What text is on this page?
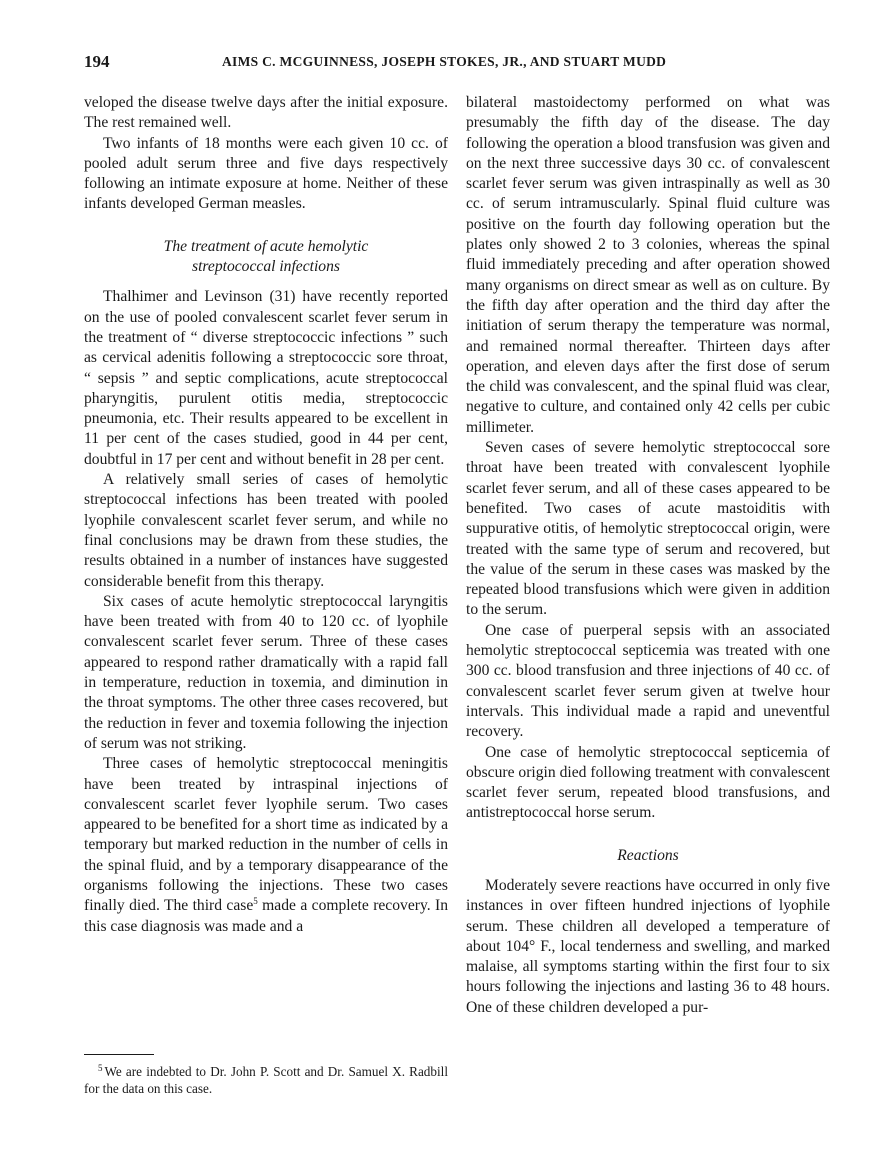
194	AIMS C. MCGUINNESS, JOSEPH STOKES, JR., AND STUART MUDD

veloped the disease twelve days after the initial exposure. The rest remained well.

Two infants of 18 months were each given 10 cc. of pooled adult serum three and five days respectively following an intimate exposure at home. Neither of these infants developed German measles.

The treatment of acute hemolytic
streptococcal infections

Thalhimer and Levinson (31) have recently reported on the use of pooled convalescent scarlet fever serum in the treatment of “ diverse streptococcic infections ” such as cervical adenitis following a streptococcic sore throat, “ sepsis ” and septic complications, acute streptococcal pharyngitis, purulent otitis media, streptococcic pneumonia, etc. Their results appeared to be excellent in 11 per cent of the cases studied, good in 44 per cent, doubtful in 17 per cent and without benefit in 28 per cent.

A relatively small series of cases of hemolytic streptococcal infections has been treated with pooled lyophile convalescent scarlet fever serum, and while no final conclusions may be drawn from these studies, the results obtained in a number of instances have suggested considerable benefit from this therapy.

Six cases of acute hemolytic streptococcal laryngitis have been treated with from 40 to 120 cc. of lyophile convalescent scarlet fever serum. Three of these cases appeared to respond rather dramatically with a rapid fall in temperature, reduction in toxemia, and diminution in the throat symptoms. The other three cases recovered, but the reduction in fever and toxemia following the injection of serum was not striking.

Three cases of hemolytic streptococcal meningitis have been treated by intraspinal injections of convalescent scarlet fever lyophile serum. Two cases appeared to be benefited for a short time as indicated by a temporary but marked reduction in the number of cells in the spinal fluid, and by a temporary disappearance of the organisms following the injections. These two cases finally died. The third case$^5$ made a complete recovery. In this case diagnosis was made and a

$^5$ We are indebted to Dr. John P. Scott and Dr. Samuel X. Radbill for the data on this case.

bilateral mastoidectomy performed on what was presumably the fifth day of the disease. The day following the operation a blood transfusion was given and on the next three successive days 30 cc. of convalescent scarlet fever serum was given intraspinally as well as 30 cc. of serum intramuscularly. Spinal fluid culture was positive on the fourth day following operation but the plates only showed 2 to 3 colonies, whereas the spinal fluid immediately preceding and after operation showed many organisms on direct smear as well as on culture. By the fifth day after operation and the third day after the initiation of serum therapy the temperature was normal, and remained normal thereafter. Thirteen days after operation, and eleven days after the first dose of serum the child was convalescent, and the spinal fluid was clear, negative to culture, and contained only 42 cells per cubic millimeter.

Seven cases of severe hemolytic streptococcal sore throat have been treated with convalescent lyophile scarlet fever serum, and all of these cases appeared to be benefited. Two cases of acute mastoiditis with suppurative otitis, of hemolytic streptococcal origin, were treated with the same type of serum and recovered, but the value of the serum in these cases was masked by the repeated blood transfusions which were given in addition to the serum.

One case of puerperal sepsis with an associated hemolytic streptococcal septicemia was treated with one 300 cc. blood transfusion and three injections of 40 cc. of convalescent scarlet fever serum given at twelve hour intervals. This individual made a rapid and uneventful recovery.

One case of hemolytic streptococcal septicemia of obscure origin died following treatment with convalescent scarlet fever serum, repeated blood transfusions, and antistreptococcal horse serum.

Reactions

Moderately severe reactions have occurred in only five instances in over fifteen hundred injections of lyophile serum. These children all developed a temperature of about 104° F., local tenderness and swelling, and marked malaise, all symptoms starting within the first four to six hours following the injections and lasting 36 to 48 hours. One of these children developed a pur-
